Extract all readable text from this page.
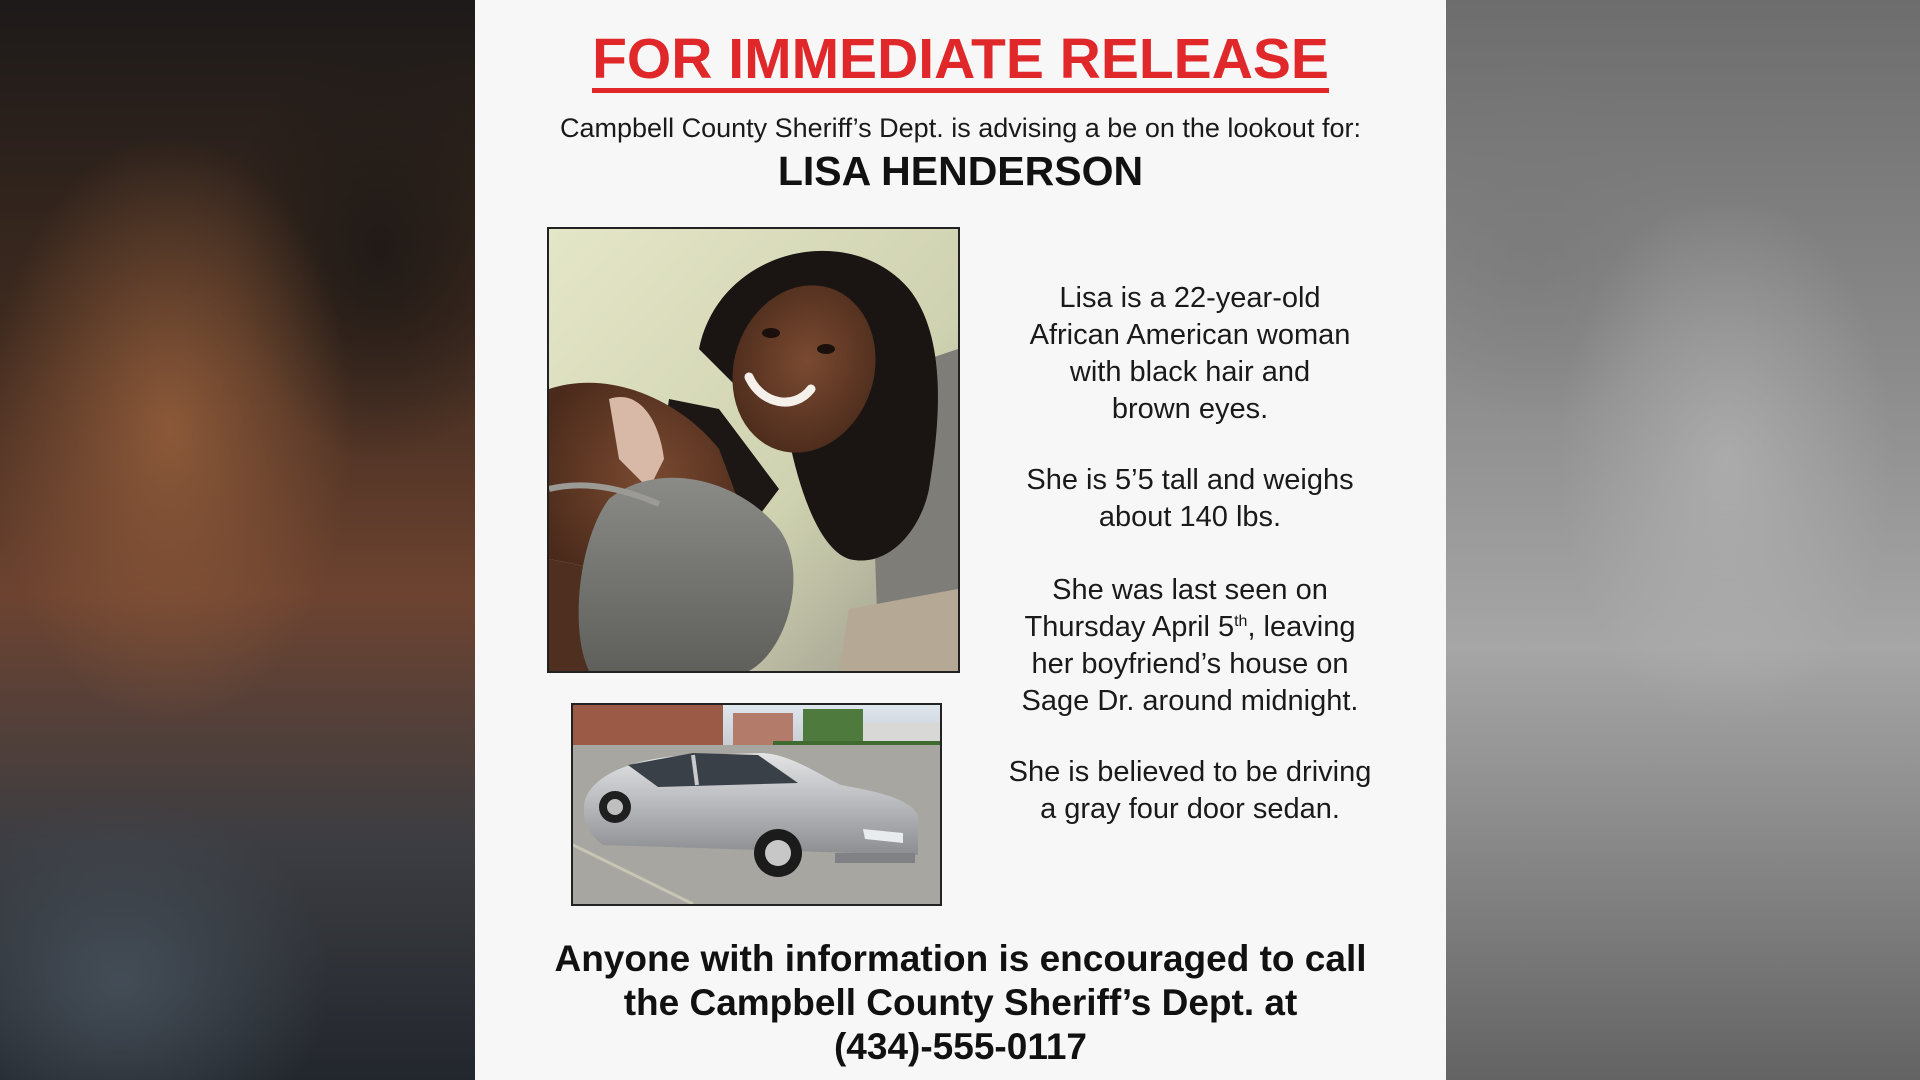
FOR IMMEDIATE RELEASE
Campbell County Sheriff’s Dept. is advising a be on the lookout for:
LISA HENDERSON
Lisa is a 22-year-old
African American woman
with black hair and
brown eyes.
She is 5’5 tall and weighs
about 140 lbs.
She was last seen on
Thursday April 5th, leaving
her boyfriend’s house on
Sage Dr. around midnight.
She is believed to be driving
a gray four door sedan.
Anyone with information is encouraged to call
the Campbell County Sheriff’s Dept. at
(434)-555-0117
